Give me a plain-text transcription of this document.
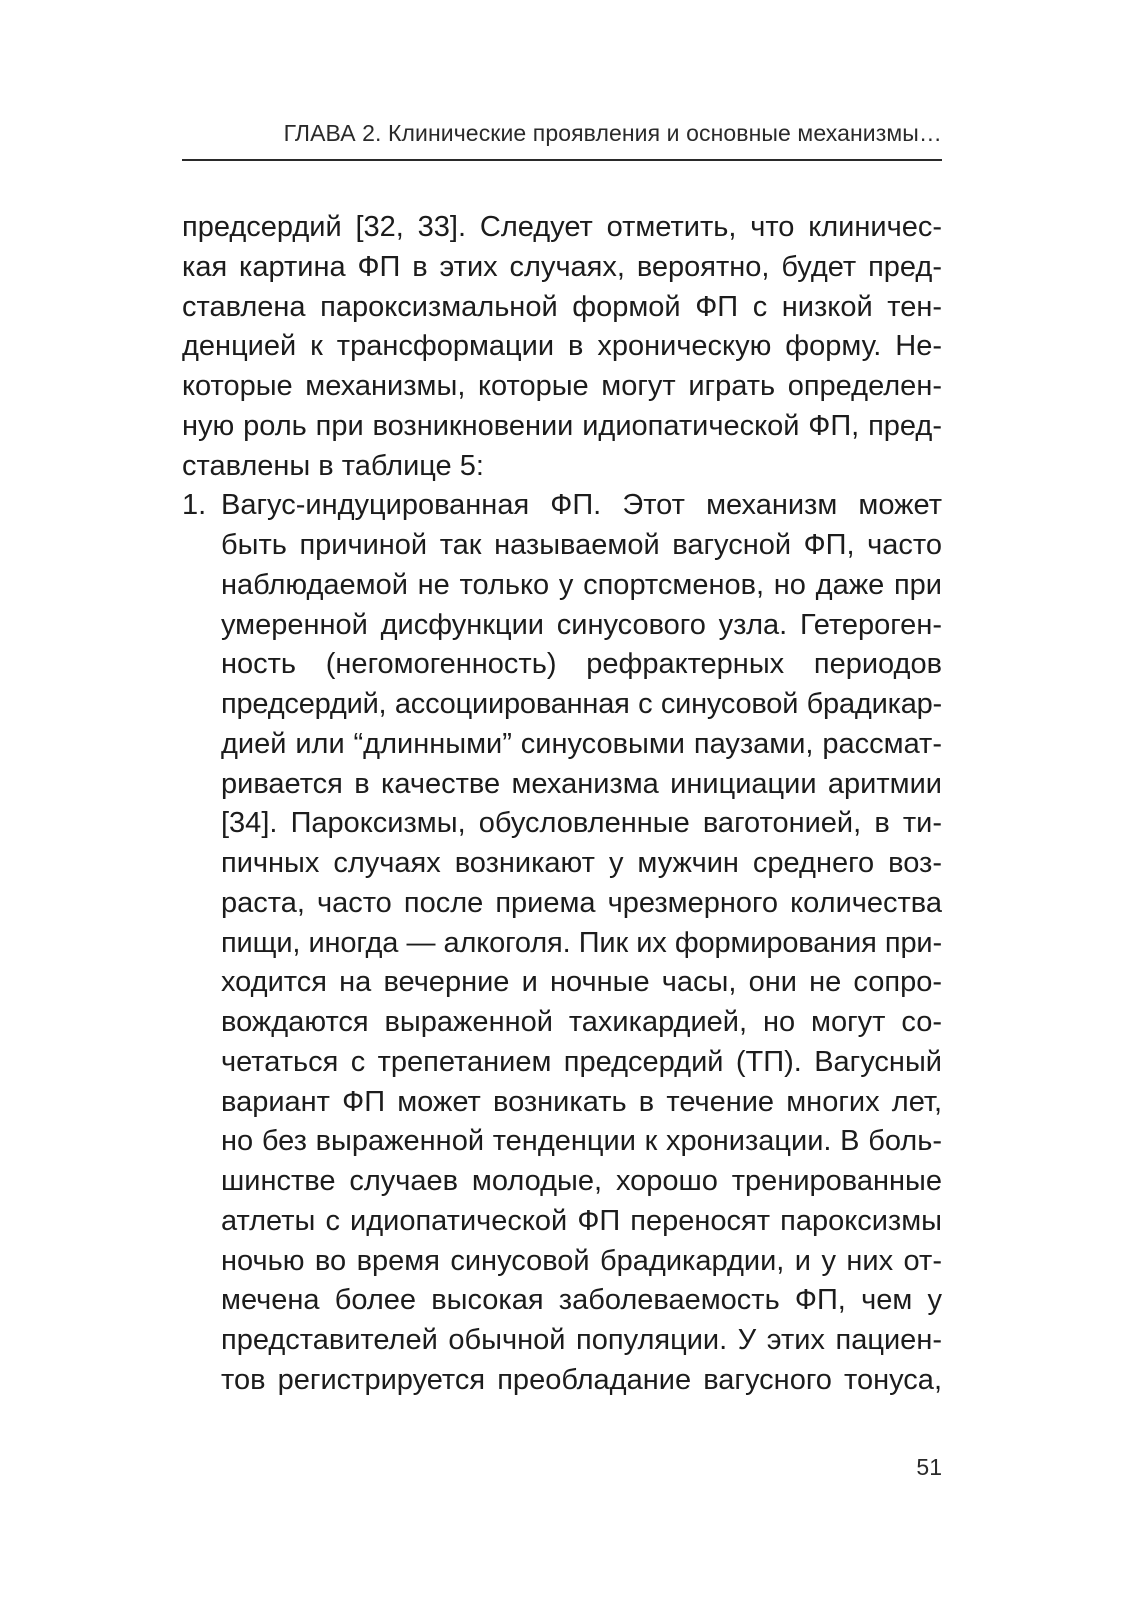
ГЛАВА 2. Клинические проявления и основные механизмы…
предсердий [32, 33]. Следует отметить, что клиничес-
кая картина ФП в этих случаях, вероятно, будет пред-
ставлена пароксизмальной формой ФП с низкой тен-
денцией к трансформации в хроническую форму. Не-
которые механизмы, которые могут играть определен-
ную роль при возникновении идиопатической ФП, пред-
ставлены в таблице 5:
1. Вагус-индуцированная ФП. Этот механизм может
быть причиной так называемой вагусной ФП, часто
наблюдаемой не только у спортсменов, но даже при
умеренной дисфункции синусового узла. Гетероген-
ность (негомогенность) рефрактерных периодов
предсердий, ассоциированная с синусовой брадикар-
дией или “длинными” синусовыми паузами, рассмат-
ривается в качестве механизма инициации аритмии
[34]. Пароксизмы, обусловленные ваготонией, в ти-
пичных случаях возникают у мужчин среднего воз-
раста, часто после приема чрезмерного количества
пищи, иногда — алкоголя. Пик их формирования при-
ходится на вечерние и ночные часы, они не сопро-
вождаются выраженной тахикардией, но могут со-
четаться с трепетанием предсердий (ТП). Вагусный
вариант ФП может возникать в течение многих лет,
но без выраженной тенденции к хронизации. В боль-
шинстве случаев молодые, хорошо тренированные
атлеты с идиопатической ФП переносят пароксизмы
ночью во время синусовой брадикардии, и у них от-
мечена более высокая заболеваемость ФП, чем у
представителей обычной популяции. У этих пациен-
тов регистрируется преобладание вагусного тонуса,
51
